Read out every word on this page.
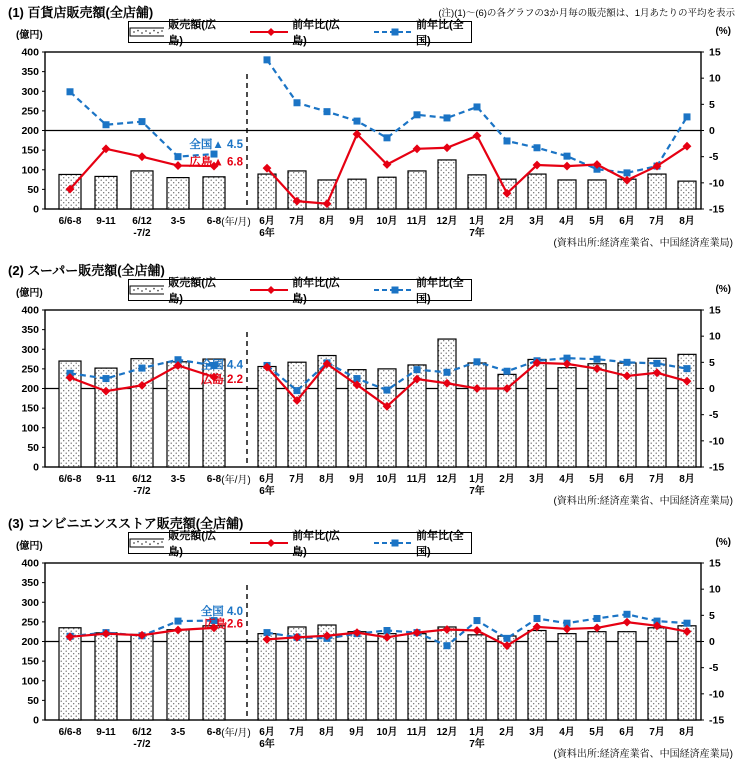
(1) 百貨店販売額(全店舗)	(注)(1)～(6)の各グラフの3か月毎の販売額は、1月あたりの平均を表示
(億円)
販売額(広島)
前年比(広島)
前年比(全国)
(%)
400
350
300
250
200
150
100
50
0
15
10
5
0
-5
-10
-15
全国▲ 4.5
広島▲ 6.8
6/6-8 9-11 6/12
-7/2
3-5 6-8 (年/月) 6月 7月 8月 9月 10月 11月 12月 1月 2月 3月 4月 5月 6月 7月 8月
6年	7年
(資料出所:経済産業省、中国経済産業局)
(2) スーパー販売額(全店舗)
(億円)
販売額(広島)
前年比(広島)
前年比(全国)
(%)
400
350
300
250
200
150
100
50
0
15
10
5
0
-5
-10
-15
全国 4.4
広島 2.2
6/6-8 9-11 6/12
-7/2
3-5 6-8 (年/月) 6月 7月 8月 9月 10月 11月 12月 1月 2月 3月 4月 5月 6月 7月 8月
6年	7年
(資料出所:経済産業省、中国経済産業局)
(3) コンビニエンスストア販売額(全店舗)
(億円)
販売額(広島)
前年比(広島)
前年比(全国)
(%)
400
350
300
250
200
150
100
50
0
15
10
5
0
-5
-10
-15
全国 4.0
広島2.6
6/6-8 9-11 6/12
-7/2
3-5 6-8 (年/月) 6月 7月 8月 9月 10月 11月 12月 1月 2月 3月 4月 5月 6月 7月 8月
6年	7年
(資料出所:経済産業省、中国経済産業局)
